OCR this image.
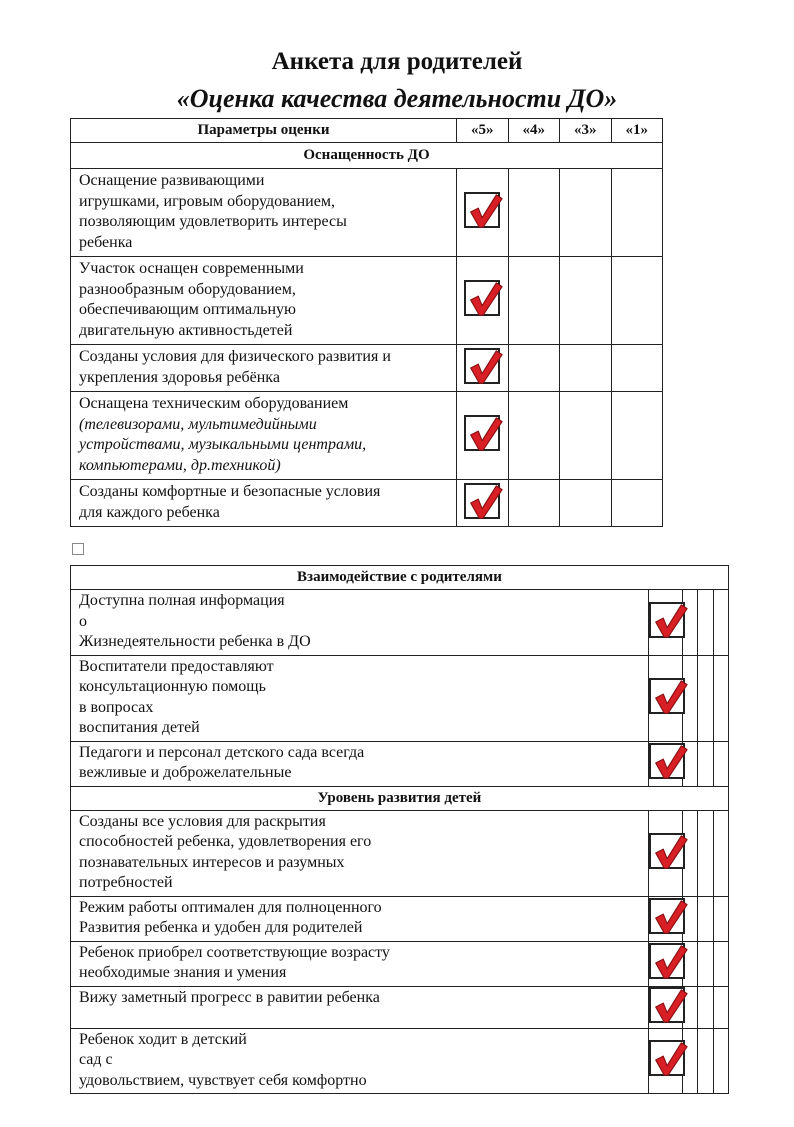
Анкета для родителей
«Оценка качества деятельности ДО»
Параметры оценки	«5»	«4»	«3»	«1»
Оснащенность ДО				

Оснащение развивающими
игрушками, игровым оборудованием,
позволяющим удовлетворить интересы
ребенка

Участок оснащен современными
разнообразным оборудованием,
обеспечивающим оптимальную
двигательную активностьдетей

Созданы условия для физического развития и
укрепления здоровья ребёнка

Оснащена техническим оборудованием
(телевизорами, мультимедийными
устройствами, музыкальными центрами,
компьютерами, др.техникой)

Созданы комфортные и безопасные условия
для каждого ребенка

Взаимодействие с родителями				

Доступна полная информация
о
Жизнедеятельности ребенка в ДО

Воспитатели предоставляют
консультационную помощь
в вопросах
воспитания детей

Педагоги и персонал детского сада всегда
вежливые и доброжелательные

Уровень развития детей				

Созданы все условия для раскрытия
способностей ребенка, удовлетворения его
познавательных интересов и разумных
потребностей

Режим работы оптимален для полноценного
Развития ребенка и удобен для родителей

Ребенок приобрел соответствующие возрасту
необходимые знания и умения

Вижу заметный прогресс в равитии ребенка

Ребенок ходит в детский
сад с
удовольствием, чувствует себя комфортно
